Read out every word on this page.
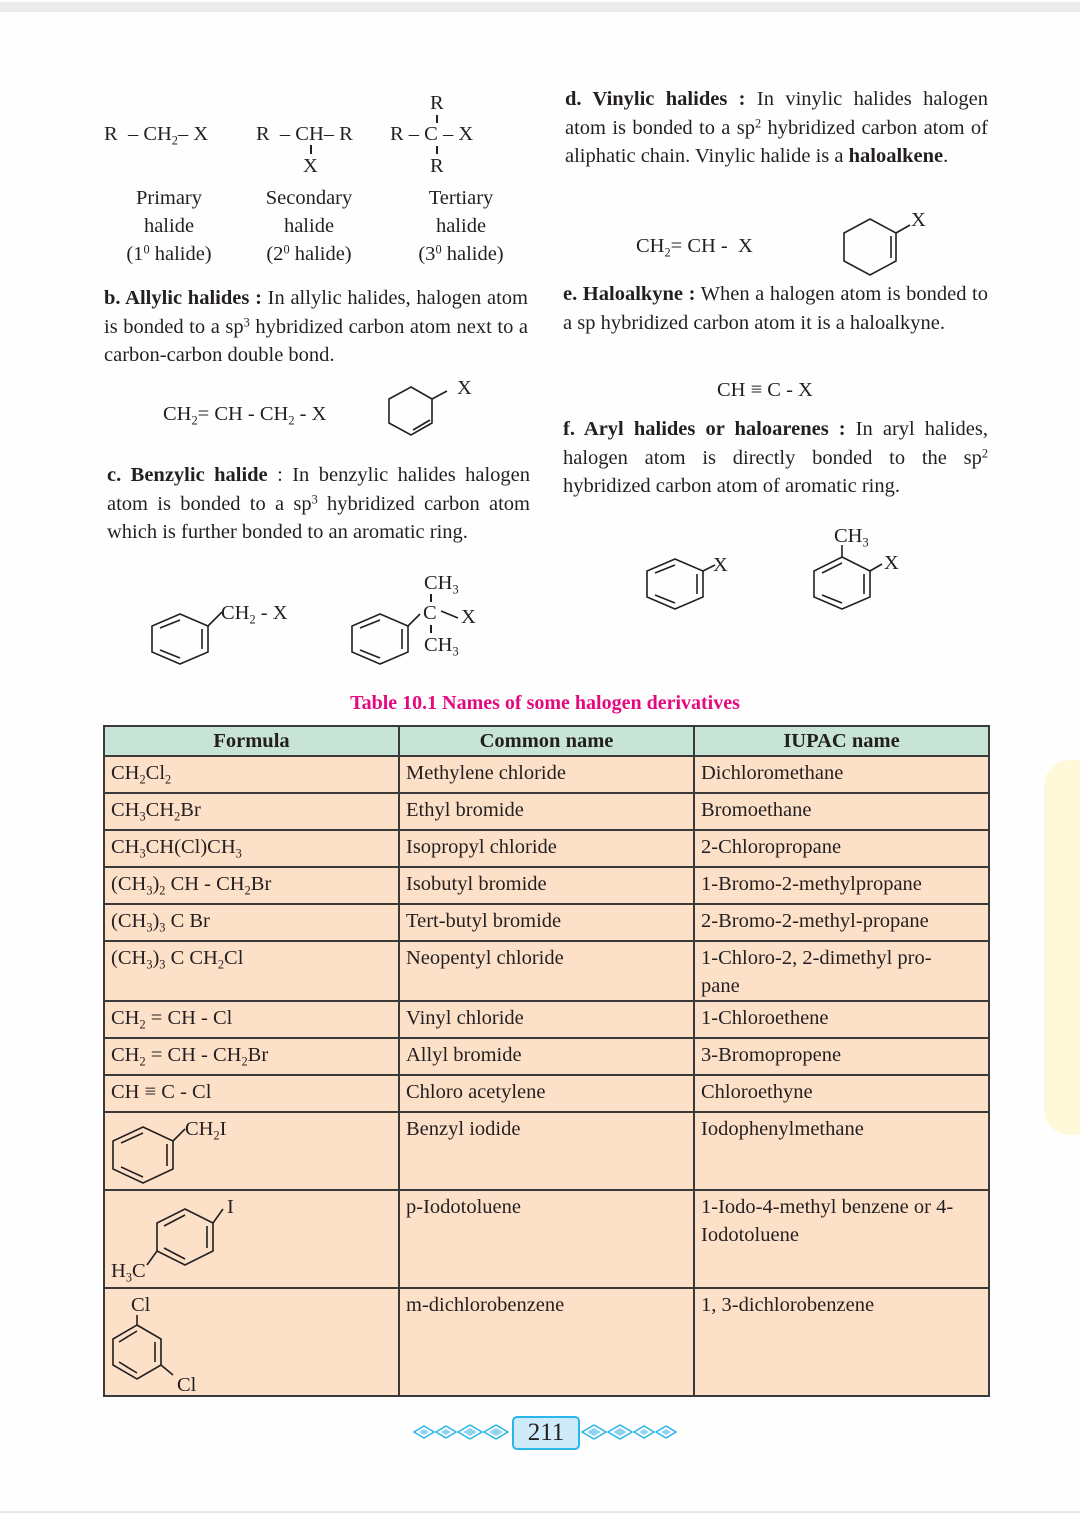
R – $CH_2-$ X R  – CH– R
X
R – C – X
R
R
Primary
halide
($1^0$ halide)
Secondary
halide
($2^0$ halide)
Tertiary
halide
($3^0$ halide)
b. Allylic halides : In allylic halides, halogen atom is bonded to a $sp^3$ hybridized carbon atom next to a carbon-carbon double bond.
$CH_2=$ CH - $CH_2$ - X
X
c. Benzylic halide : In benzylic halides halogen atom is bonded to a $sp^3$ hybridized carbon atom which is further bonded to an aromatic ring.
$CH_2$ - X
$CH_3$
C X
$CH_3$
d. Vinylic halides : In vinylic halides halogen atom is bonded to a $sp^2$ hybridized carbon atom of aliphatic chain. Vinylic halide is a haloalkene.
$CH_2=$ CH -  X
X
e. Haloalkyne : When a halogen atom is bonded to a sp hybridized carbon atom it is a haloalkyne.
CH ≡ C - X
f. Aryl halides or haloarenes : In aryl halides, halogen atom is directly bonded to the $sp^2$ hybridized carbon atom of aromatic ring.
X
$CH_3$
X
Table 10.1 Names of some halogen derivatives
Formula	Common name	IUPAC name
$CH_2Cl_2$	Methylene chloride	Dichloromethane
$CH_3CH_2Br$	Ethyl bromide	Bromoethane
$CH_3CH(Cl)CH_3$	Isopropyl chloride	2-Chloropropane
$(CH_3)_2$ CH - $CH_2Br$	Isobutyl bromide	1-Bromo-2-methylpropane
$(CH_3)_3$ C Br	Tert-butyl bromide	2-Bromo-2-methyl-propane
$(CH_3)_3$ C $CH_2Cl$	Neopentyl chloride	1-Chloro-2, 2-dimethyl pro-pane
$CH_2$ = CH - Cl	Vinyl chloride	1-Chloroethene
$CH_2$ = CH - $CH_2Br$	Allyl bromide	3-Bromopropene
CH ≡ C - Cl	Chloro acetylene	Chloroethyne

$CH_2I$	Benzyl iodide	Iodophenylmethane

I
$H_3C$	p-Iodotoluene	1-Iodo-4-methyl benzene or 4-Iodotoluene

Cl
Cl	m-dichlorobenzene	1, 3-dichlorobenzene
211
